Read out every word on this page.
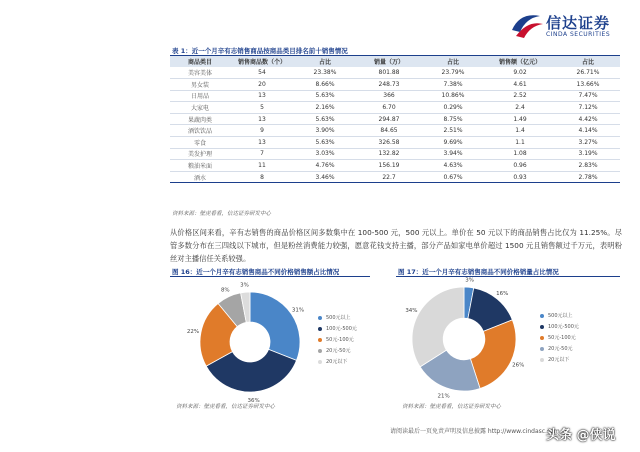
信达证券
CINDA SECURITIES
表 1：近一个月辛有志销售商品按商品类目排名前十销售情况
商品类目	销售商品数（个）	占比	销量（万）	占比	销售额（亿元）	占比
美容美体	54	23.38%	801.88	23.79%	9.02	26.71%
男女装	20	8.66%	248.73	7.38%	4.61	13.66%
日用品	13	5.63%	366	10.86%	2.52	7.47%
大家电	5	2.16%	6.70	0.29%	2.4	7.12%
果蔬肉类	13	5.63%	294.87	8.75%	1.49	4.42%
酒饮饮品	9	3.90%	84.65	2.51%	1.4	4.14%
零食	13	5.63%	326.58	9.69%	1.1	3.27%
美发护理	7	3.03%	132.82	3.94%	1.08	3.19%
粮油米面	11	4.76%	156.19	4.63%	0.96	2.83%
酒水	8	3.46%	22.7	0.67%	0.93	2.78%
资料来源：壁虎看看，信达证券研发中心
从价格区间来看，辛有志销售的商品价格区间多数集中在 100-500 元，500 元以上。单价在 50 元以下的商品销售占比仅为 11.25%。尽管多数分布在三四线以下城市，但是粉丝消费能力较强，愿意花钱支持主播，部分产品如家电单价超过 1500 元且销售额过千万元，表明粉丝对主播信任关系较强。
图 16：近一个月辛有志销售商品不同价格销售额占比情况
31%
36%
22%
8%
3%
500元以上
100元-500元
50元-100元
20元-50元
20元以下
资料来源：壁虎看看，信达证券研发中心
图 17：近一个月辛有志销售商品不同价格销量占比情况
3%
16%
26%
21%
34%
500元以上
100元-500元
50元-100元
20元-50元
20元以下
资料来源：壁虎看看，信达证券研发中心
请阅读最后一页免责声明及信息披露 http://www.cindasc.com
头条 @侠说
